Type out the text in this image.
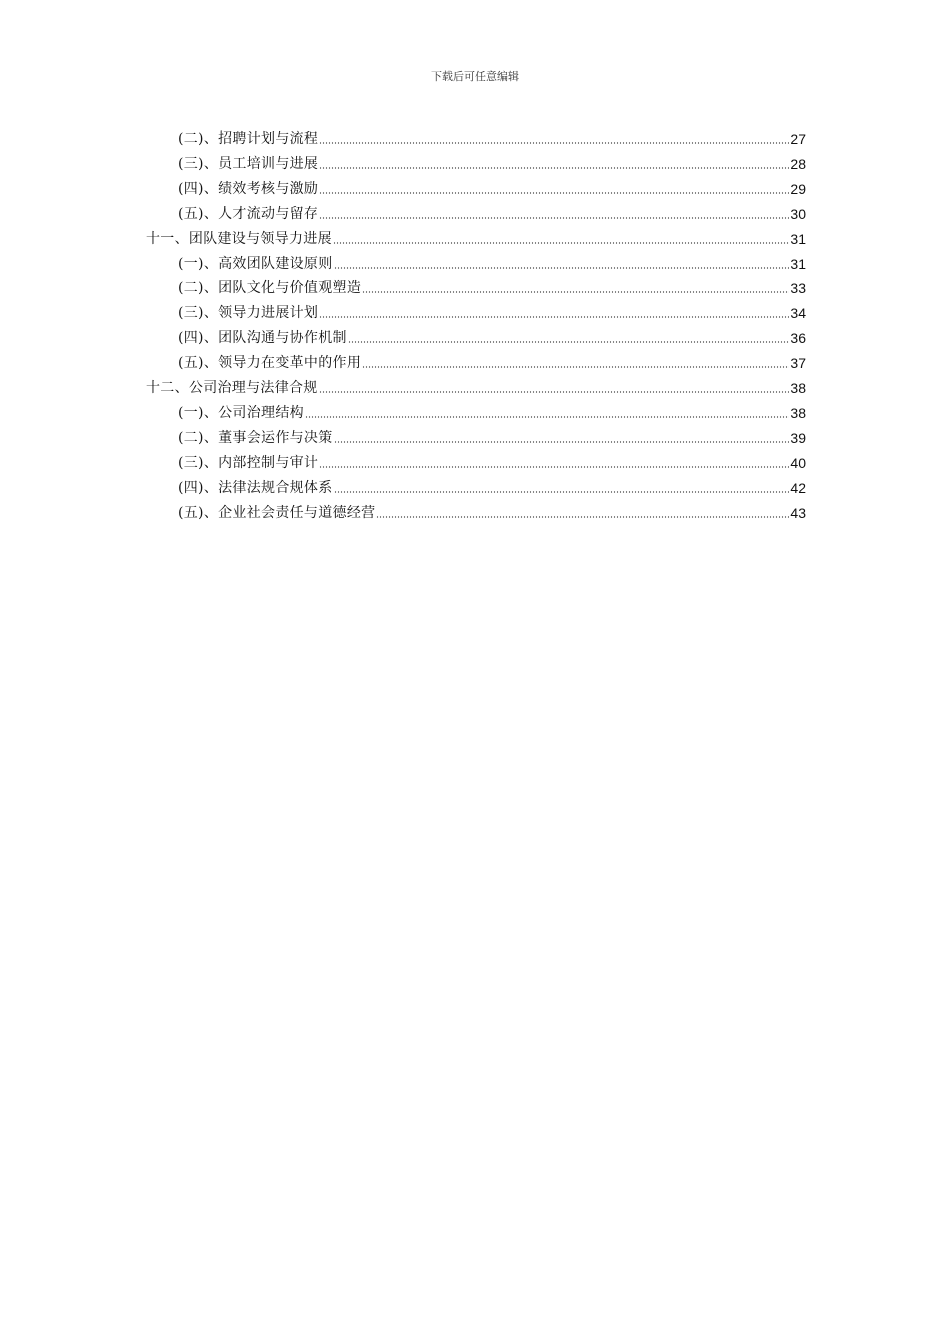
下载后可任意编辑
(二)、招聘计划与流程	27
(三)、员工培训与进展	28
(四)、绩效考核与激励	29
(五)、人才流动与留存	30
十一、团队建设与领导力进展	31
(一)、高效团队建设原则	31
(二)、团队文化与价值观塑造	33
(三)、领导力进展计划	34
(四)、团队沟通与协作机制	36
(五)、领导力在变革中的作用	37
十二、公司治理与法律合规	38
(一)、公司治理结构	38
(二)、董事会运作与决策	39
(三)、内部控制与审计	40
(四)、法律法规合规体系	42
(五)、企业社会责任与道德经营	43
